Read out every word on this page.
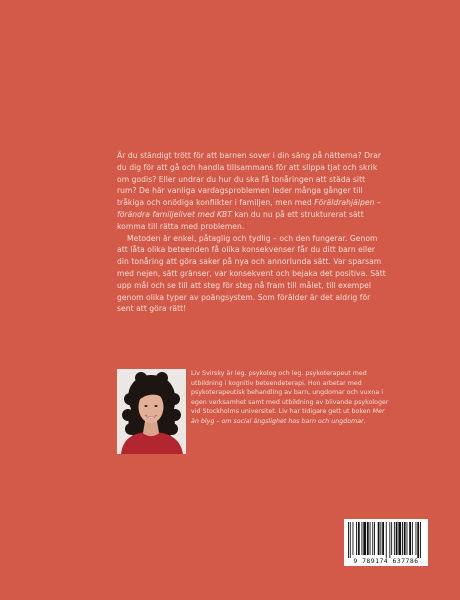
Är du ständigt trött för att barnen sover i din säng på nätterna? Drar du dig för att gå och handla tillsammans för att slippa tjat och skrik om godis? Eller undrar du hur du ska få tonåringen att städa sitt rum? De här vanliga vardagsproblemen leder många gånger till tråkiga och onödiga konflikter i familjen, men med Föräldrahjälpen – förändra familjelivet med KBT kan du nu på ett strukturerat sätt komma till rätta med problemen.

Metoden är enkel, påtaglig och tydlig – och den fungerar. Genom att låta olika beteenden få olika konsekvenser får du ditt barn eller din tonåring att göra saker på nya och annorlunda sätt. Var sparsam med nejen, sätt gränser, var konsekvent och bejaka det positiva. Sätt upp mål och se till att steg för steg nå fram till målet, till exempel genom olika typer av poängsystem. Som förälder är det aldrig för sent att göra rätt!

Liv Svirsky är leg. psykolog och leg. psykoterapeut med utbildning i kognitiv beteendeterapi. Hon arbetar med psykoterapeutisk behandling av barn, ungdomar och vuxna i egen verksamhet samt med utbildning av blivande psykologer vid Stockholms universitet. Liv har tidigare gett ut boken Mer än blyg – om social ängslighet hos barn och ungdomar.
9 789174 637786
